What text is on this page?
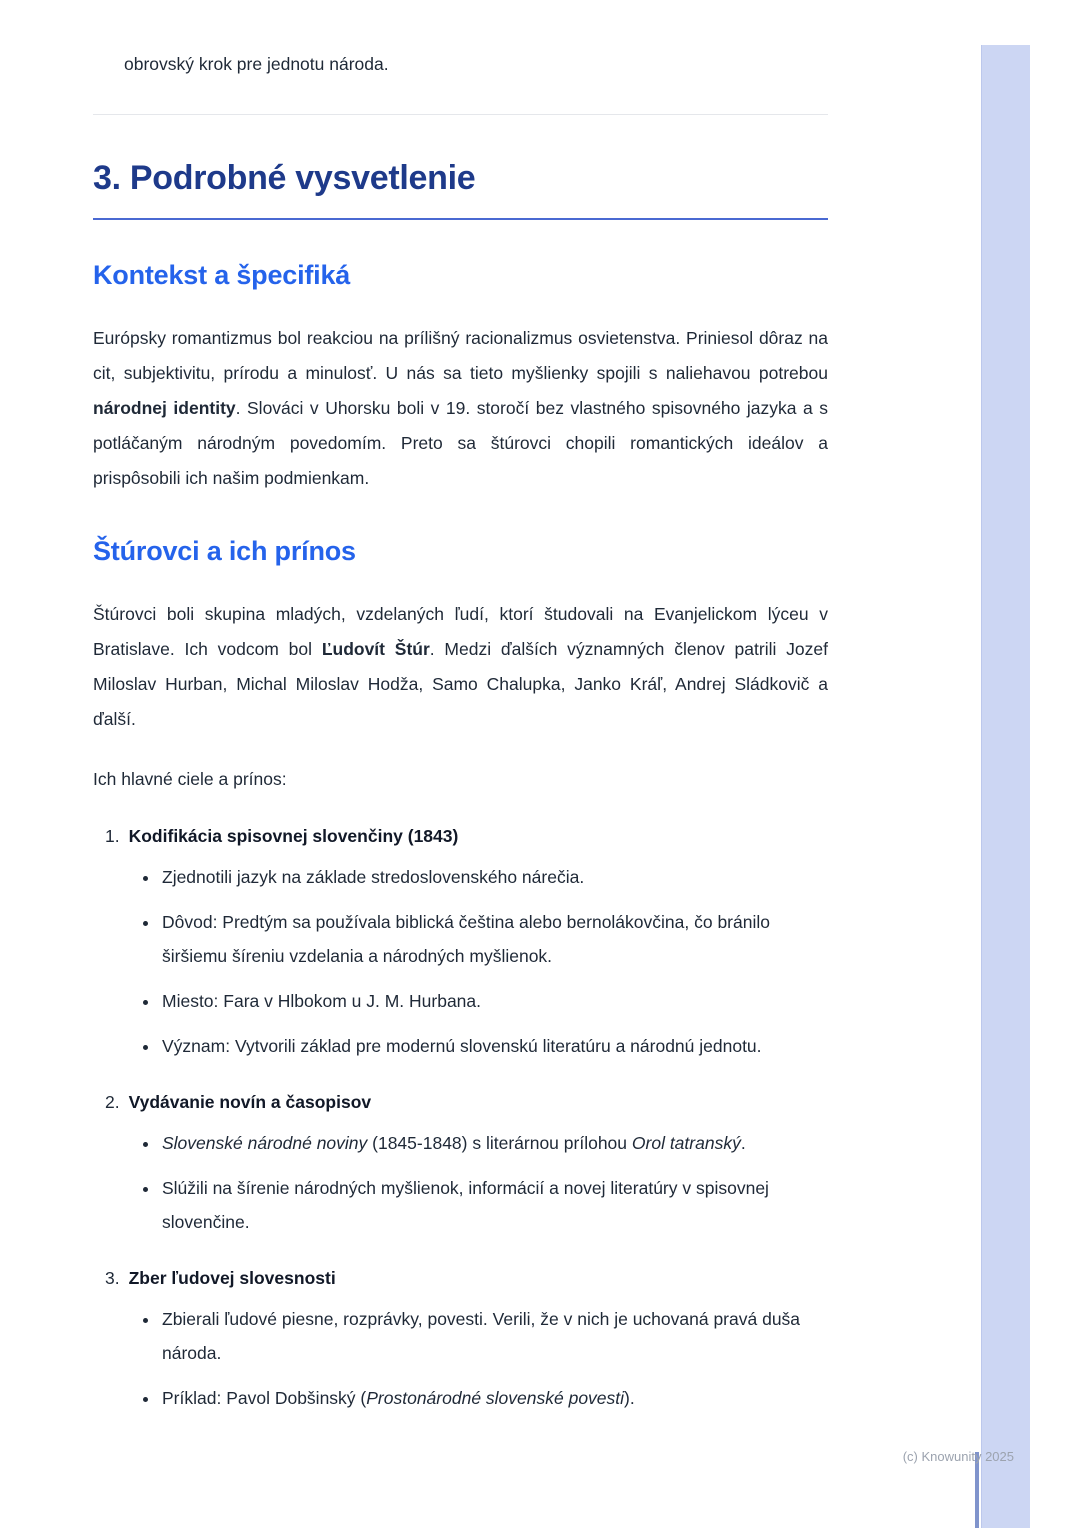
obrovský krok pre jednotu národa.

3. Podrobné vysvetlenie
Kontekst a špecifiká

Európsky romantizmus bol reakciou na prílišný racionalizmus osvietenstva. Priniesol dôraz na cit, subjektivitu, prírodu a minulosť. U nás sa tieto myšlienky spojili s naliehavou potrebou národnej identity. Slováci v Uhorsku boli v 19. storočí bez vlastného spisovného jazyka a s potláčaným národným povedomím. Preto sa štúrovci chopili romantických ideálov a prispôsobili ich našim podmienkam.

Štúrovci a ich prínos

Štúrovci boli skupina mladých, vzdelaných ľudí, ktorí študovali na Evanjelickom lýceu v Bratislave. Ich vodcom bol Ľudovít Štúr. Medzi ďalších významných členov patrili Jozef Miloslav Hurban, Michal Miloslav Hodža, Samo Chalupka, Janko Kráľ, Andrej Sládkovič a ďalší.

Ich hlavné ciele a prínos:

1. Kodifikácia spisovnej slovenčiny (1843)
• Zjednotili jazyk na základe stredoslovenského nárečia.
• Dôvod: Predtým sa používala biblická čeština alebo bernolákovčina, čo bránilo širšiemu šíreniu vzdelania a národných myšlienok.
• Miesto: Fara v Hlbokom u J. M. Hurbana.
• Význam: Vytvorili základ pre modernú slovenskú literatúru a národnú jednotu.
2. Vydávanie novín a časopisov
• Slovenské národné noviny (1845-1848) s literárnou prílohou Orol tatranský.
• Slúžili na šírenie národných myšlienok, informácií a novej literatúry v spisovnej slovenčine.
3. Zber ľudovej slovesnosti
• Zbierali ľudové piesne, rozprávky, povesti. Verili, že v nich je uchovaná pravá duša národa.
• Príklad: Pavol Dobšinský (Prostonárodné slovenské povesti).
(c) Knowunity 2025
